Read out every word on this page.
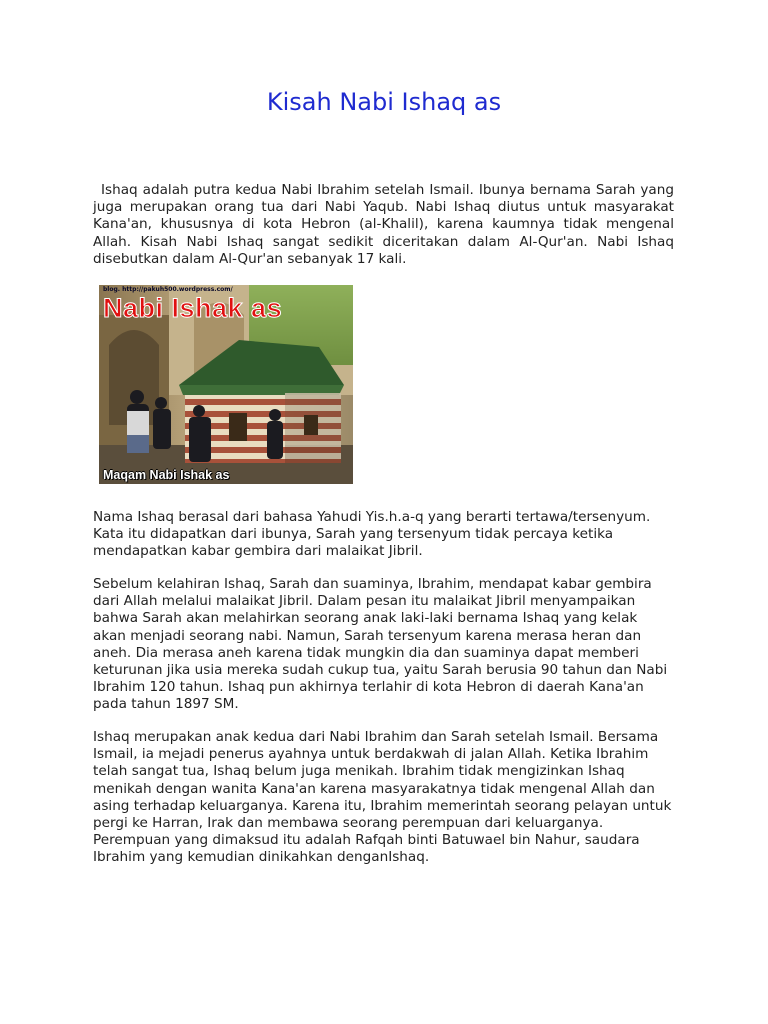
Kisah Nabi Ishaq as

Ishaq adalah putra kedua Nabi Ibrahim setelah Ismail. Ibunya bernama Sarah yang juga merupakan orang tua dari Nabi Yaqub. Nabi Ishaq diutus untuk masyarakat Kana'an, khususnya di kota Hebron (al-Khalil), karena kaumnya tidak mengenal Allah. Kisah Nabi Ishaq sangat sedikit diceritakan dalam Al-Qur'an. Nabi Ishaq disebutkan dalam Al-Qur'an sebanyak 17 kali.

blog. http://pakuh500.wordpress.com/
Nabi Ishak as
Maqam Nabi Ishak as

Nama Ishaq berasal dari bahasa Yahudi Yis.h.a-q yang berarti tertawa/tersenyum. Kata itu didapatkan dari ibunya, Sarah yang tersenyum tidak percaya ketika mendapatkan kabar gembira dari malaikat Jibril.

Sebelum kelahiran Ishaq, Sarah dan suaminya, Ibrahim, mendapat kabar gembira dari Allah melalui malaikat Jibril. Dalam pesan itu malaikat Jibril menyampaikan bahwa Sarah akan melahirkan seorang anak laki-laki bernama Ishaq yang kelak akan menjadi seorang nabi. Namun, Sarah tersenyum karena merasa heran dan aneh. Dia merasa aneh karena tidak mungkin dia dan suaminya dapat memberi keturunan jika usia mereka sudah cukup tua, yaitu Sarah berusia 90 tahun dan Nabi Ibrahim 120 tahun. Ishaq pun akhirnya terlahir di kota Hebron di daerah Kana'an pada tahun 1897 SM.

Ishaq merupakan anak kedua dari Nabi Ibrahim dan Sarah setelah Ismail. Bersama Ismail, ia mejadi penerus ayahnya untuk berdakwah di jalan Allah. Ketika Ibrahim telah sangat tua, Ishaq belum juga menikah. Ibrahim tidak mengizinkan Ishaq menikah dengan wanita Kana'an karena masyarakatnya tidak mengenal Allah dan asing terhadap keluarganya. Karena itu, Ibrahim memerintah seorang pelayan untuk pergi ke Harran, Irak dan membawa seorang perempuan dari keluarganya. Perempuan yang dimaksud itu adalah Rafqah binti Batuwael bin Nahur, saudara Ibrahim yang kemudian dinikahkan denganIshaq.
